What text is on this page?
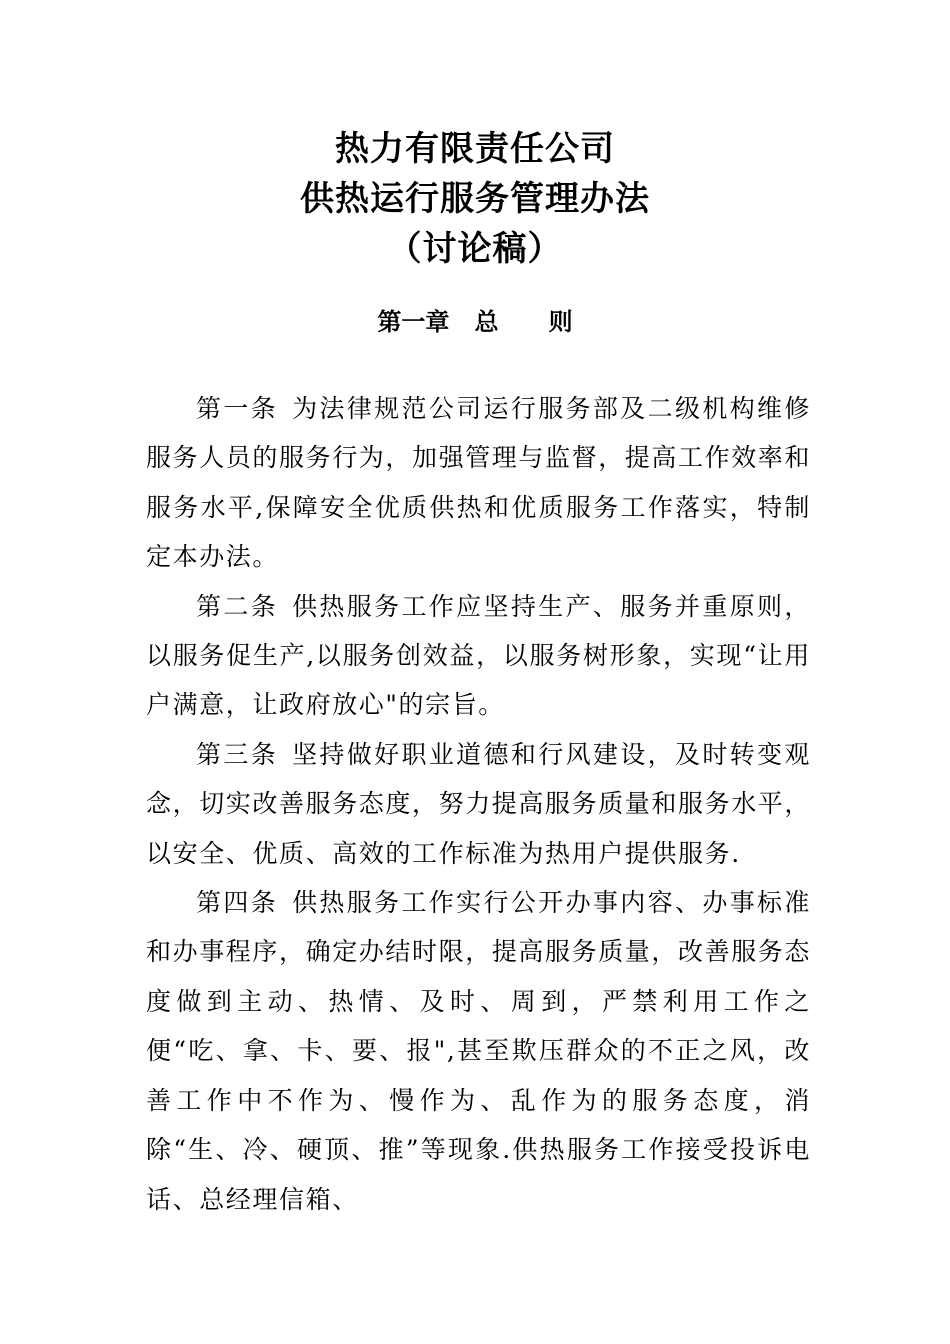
热力有限责任公司
供热运行服务管理办法
（讨论稿）
第一章   总      则

第一条 为法律规范公司运行服务部及二级机构维修服务人员的服务行为，加强管理与监督，提高工作效率和服务水平,保障安全优质供热和优质服务工作落实，特制定本办法。

第二条 供热服务工作应坚持生产、服务并重原则，以服务促生产,以服务创效益，以服务树形象，实现“让用户满意，让政府放心"的宗旨。

第三条 坚持做好职业道德和行风建设，及时转变观念，切实改善服务态度，努力提高服务质量和服务水平，以安全、优质、高效的工作标准为热用户提供服务.

第四条 供热服务工作实行公开办事内容、办事标准和办事程序，确定办结时限，提高服务质量，改善服务态度做到主动、热情、及时、周到，严禁利用工作之便“吃、拿、卡、要、报",甚至欺压群众的不正之风，改善工作中不作为、慢作为、乱作为的服务态度，消除“生、冷、硬顶、推”等现象.供热服务工作接受投诉电话、总经理信箱、
